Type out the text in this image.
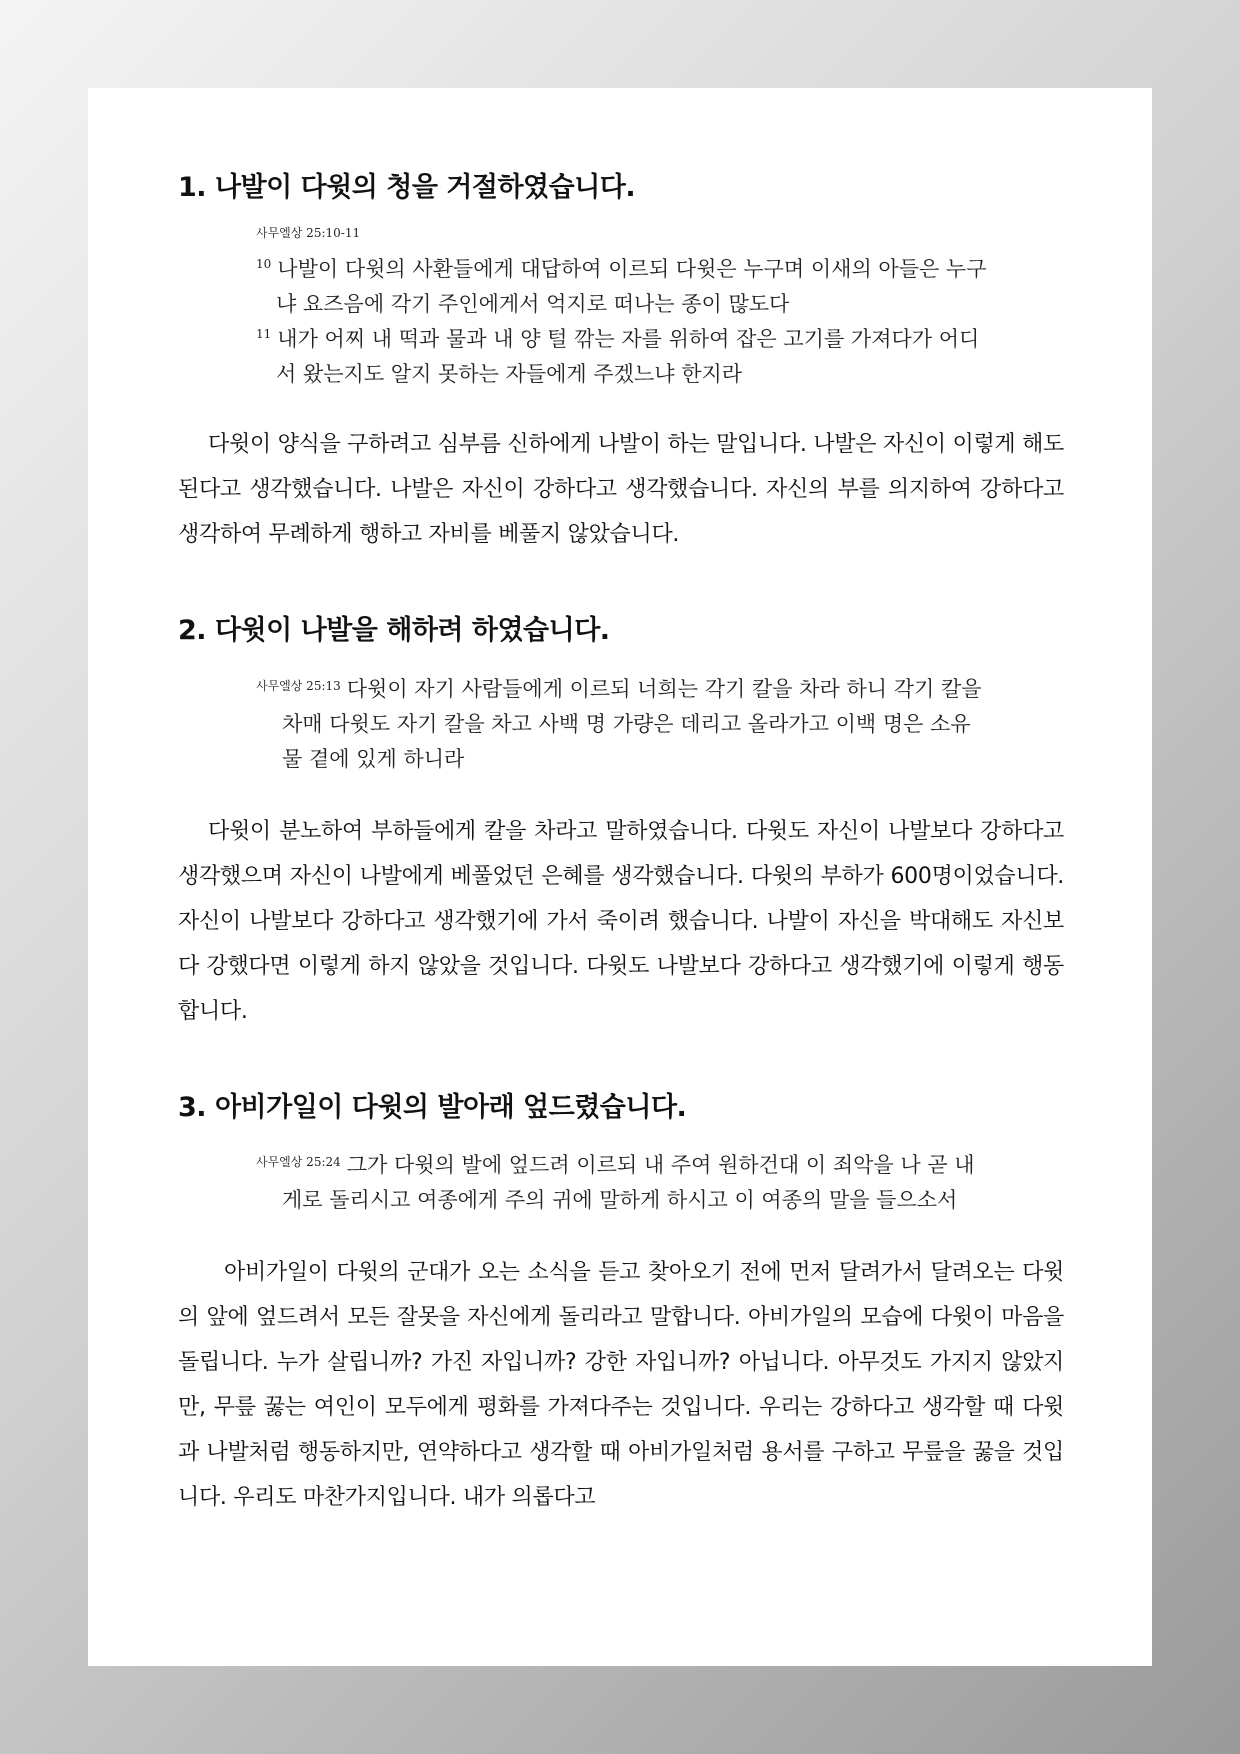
1. 나발이 다윗의 청을 거절하였습니다.
사무엘상 25:10-11
$^{10}$ 나발이 다윗의 사환들에게 대답하여 이르되 다윗은 누구며 이새의 아들은 누구냐 요즈음에 각기 주인에게서 억지로 떠나는 종이 많도다
$^{11}$ 내가 어찌 내 떡과 물과 내 양 털 깎는 자를 위하여 잡은 고기를 가져다가 어디서 왔는지도 알지 못하는 자들에게 주겠느냐 한지라

다윗이 양식을 구하려고 심부름 신하에게 나발이 하는 말입니다. 나발은 자신이 이렇게 해도 된다고 생각했습니다. 나발은 자신이 강하다고 생각했습니다. 자신의 부를 의지하여 강하다고 생각하여 무례하게 행하고 자비를 베풀지 않았습니다.

2. 다윗이 나발을 해하려 하였습니다.
$^{사무엘상 25:13}$ 다윗이 자기 사람들에게 이르되 너희는 각기 칼을 차라 하니 각기 칼을 차매 다윗도 자기 칼을 차고 사백 명 가량은 데리고 올라가고 이백 명은 소유물 곁에 있게 하니라

다윗이 분노하여 부하들에게 칼을 차라고 말하였습니다. 다윗도 자신이 나발보다 강하다고 생각했으며 자신이 나발에게 베풀었던 은혜를 생각했습니다. 다윗의 부하가 600명이었습니다. 자신이 나발보다 강하다고 생각했기에 가서 죽이려 했습니다. 나발이 자신을 박대해도 자신보다 강했다면 이렇게 하지 않았을 것입니다. 다윗도 나발보다 강하다고 생각했기에 이렇게 행동합니다.

3. 아비가일이 다윗의 발아래 엎드렸습니다.
$^{사무엘상 25:24}$ 그가 다윗의 발에 엎드려 이르되 내 주여 원하건대 이 죄악을 나 곧 내게로 돌리시고 여종에게 주의 귀에 말하게 하시고 이 여종의 말을 들으소서

아비가일이 다윗의 군대가 오는 소식을 듣고 찾아오기 전에 먼저 달려가서 달려오는 다윗의 앞에 엎드려서 모든 잘못을 자신에게 돌리라고 말합니다. 아비가일의 모습에 다윗이 마음을 돌립니다. 누가 살립니까? 가진 자입니까? 강한 자입니까? 아닙니다. 아무것도 가지지 않았지만, 무릎 꿇는 여인이 모두에게 평화를 가져다주는 것입니다. 우리는 강하다고 생각할 때 다윗과 나발처럼 행동하지만, 연약하다고 생각할 때 아비가일처럼 용서를 구하고 무릎을 꿇을 것입니다. 우리도 마찬가지입니다. 내가 의롭다고
